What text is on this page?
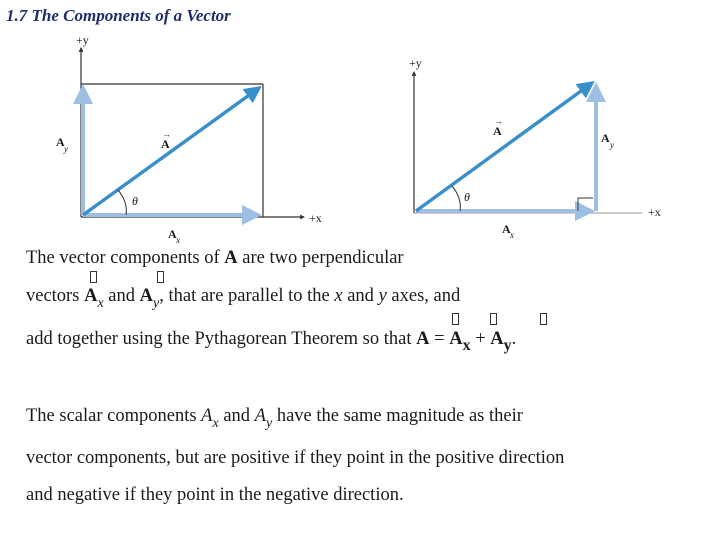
1.7 The Components of a Vector
+y
+x
A
→
A y
A x
θ
+y
+x
A
→
A y
A x
θ
The vector components of A are two perpendicular
vectors $A_x$ and $A_y$, that are parallel to the x and y axes, and
add together using the Pythagorean Theorem so that A = Ax + Ay.
The scalar components $A_x$ and $A_y$ have the same magnitude as their
vector components, but are positive if they point in the positive direction
and negative if they point in the negative direction.
